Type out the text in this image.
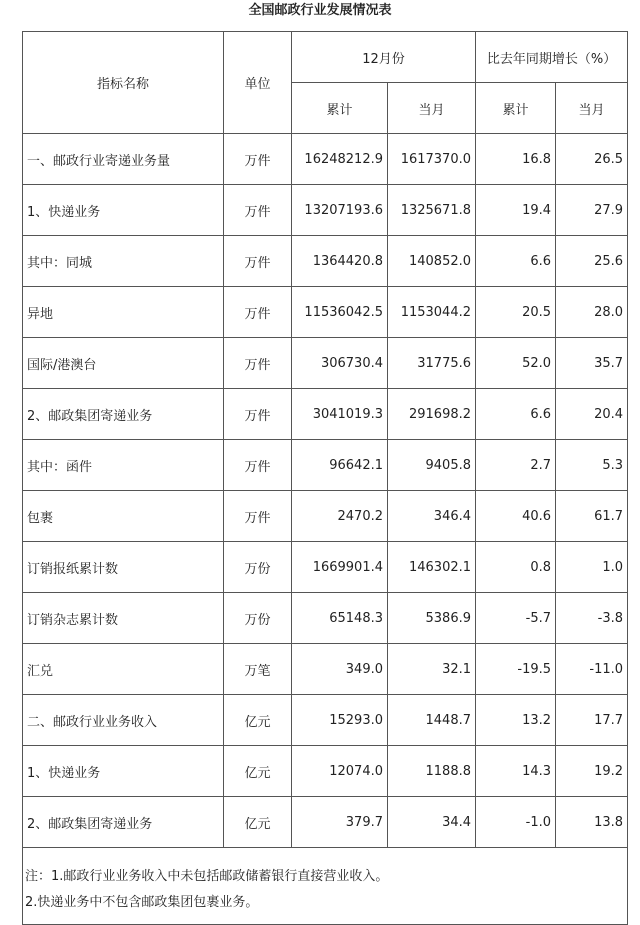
全国邮政行业发展情况表
指标名称	单位	12月份		比去年同期增长（%）	
		累计	当月	累计	当月
一、邮政行业寄递业务量	万件	16248212.9	1617370.0	16.8	26.5
1、快递业务	万件	13207193.6	1325671.8	19.4	27.9
其中：同城	万件	1364420.8	140852.0	6.6	25.6
异地	万件	11536042.5	1153044.2	20.5	28.0
国际/港澳台	万件	306730.4	31775.6	52.0	35.7
2、邮政集团寄递业务	万件	3041019.3	291698.2	6.6	20.4
其中：函件	万件	96642.1	9405.8	2.7	5.3
包裹	万件	2470.2	346.4	40.6	61.7
订销报纸累计数	万份	1669901.4	146302.1	0.8	1.0
订销杂志累计数	万份	65148.3	5386.9	-5.7	-3.8
汇兑	万笔	349.0	32.1	-19.5	-11.0
二、邮政行业业务收入	亿元	15293.0	1448.7	13.2	17.7
1、快递业务	亿元	12074.0	1188.8	14.3	19.2
2、邮政集团寄递业务	亿元	379.7	34.4	-1.0	13.8

注：1.邮政行业业务收入中未包括邮政储蓄银行直接营业收入。
2.快递业务中不包含邮政集团包裹业务。					
